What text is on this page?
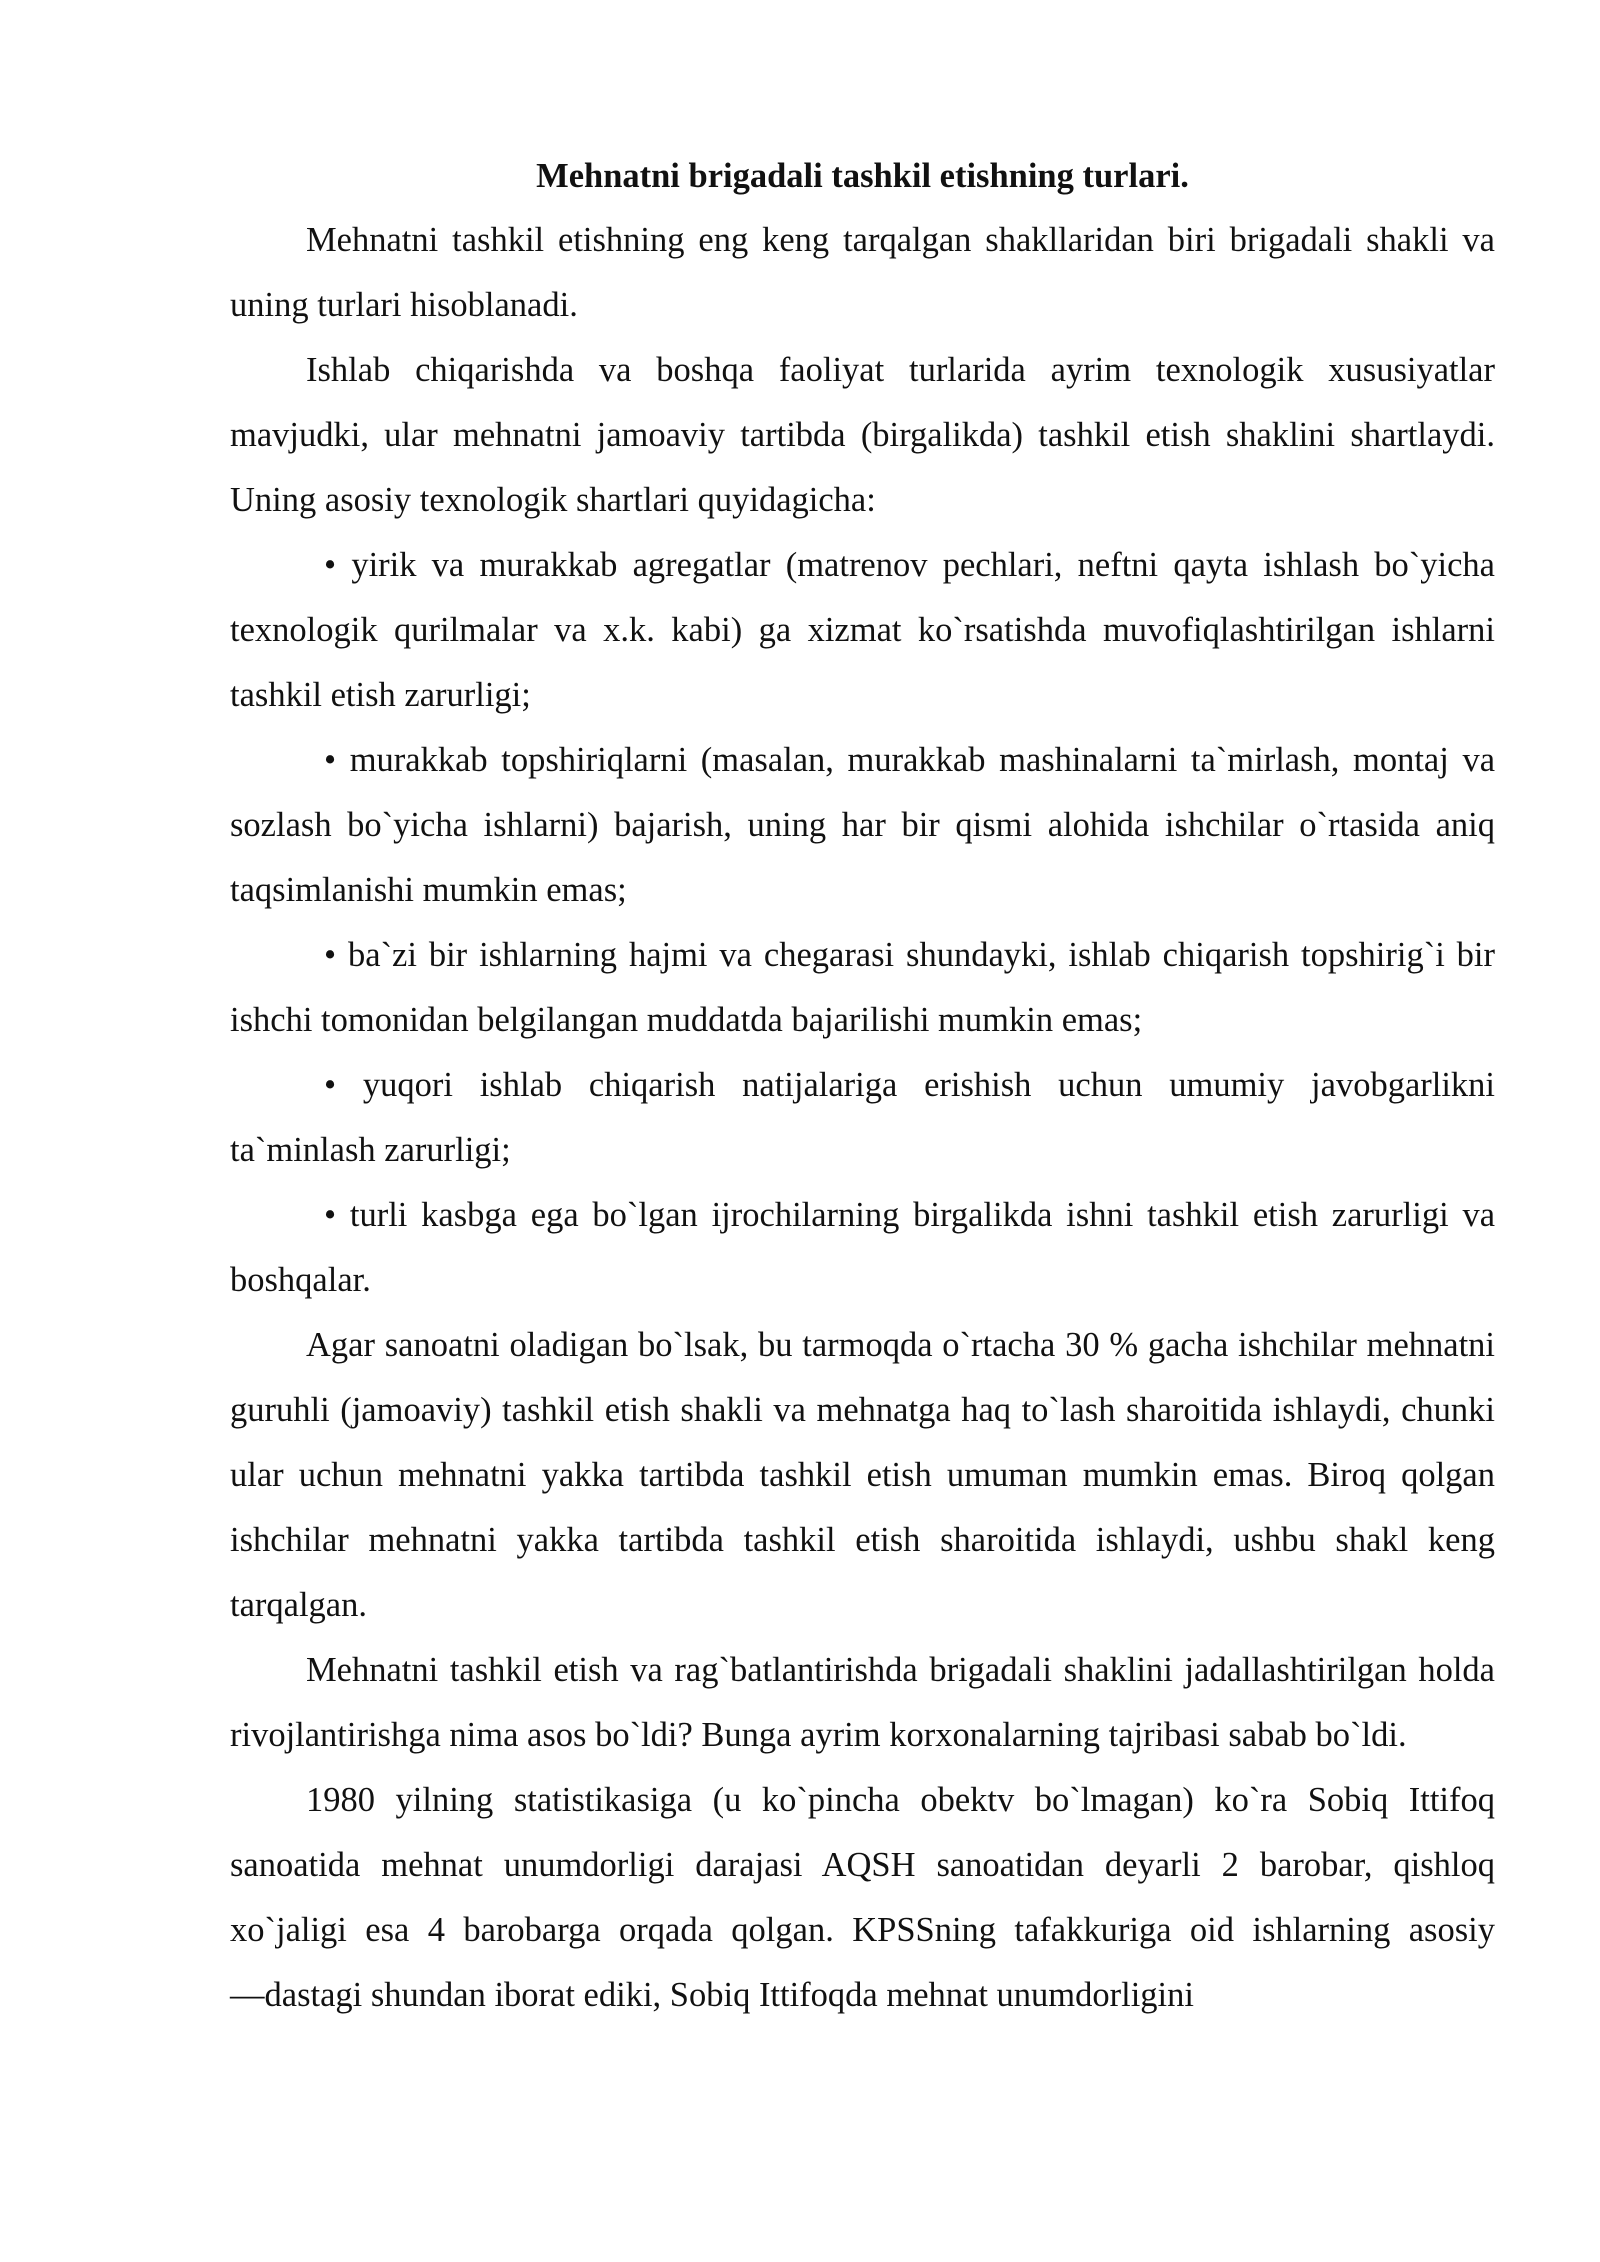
Mehnatni brigadali tashkil etishning turlari.

Mehnatni tashkil etishning eng keng tarqalgan shakllaridan biri brigadali shakli va uning turlari hisoblanadi.

Ishlab chiqarishda va boshqa faoliyat turlarida ayrim texnologik xususiyatlar mavjudki, ular mehnatni jamoaviy tartibda (birgalikda) tashkil etish shaklini shartlaydi. Uning asosiy texnologik shartlari quyidagicha:

• yirik va murakkab agregatlar (matrenov pechlari, neftni qayta ishlash bo`yicha texnologik qurilmalar va x.k. kabi) ga xizmat ko`rsatishda muvofiqlashtirilgan ishlarni tashkil etish zarurligi;

• murakkab topshiriqlarni (masalan, murakkab mashinalarni ta`mirlash, montaj va sozlash bo`yicha ishlarni) bajarish, uning har bir qismi alohida ishchilar o`rtasida aniq taqsimlanishi mumkin emas;

• ba`zi bir ishlarning hajmi va chegarasi shundayki, ishlab chiqarish topshirig`i bir ishchi tomonidan belgilangan muddatda bajarilishi mumkin emas;

• yuqori ishlab chiqarish natijalariga erishish uchun umumiy javobgarlikni ta`minlash zarurligi;

• turli kasbga ega bo`lgan ijrochilarning birgalikda ishni tashkil etish zarurligi va boshqalar.

Agar sanoatni oladigan bo`lsak, bu tarmoqda o`rtacha 30 % gacha ishchilar mehnatni guruhli (jamoaviy) tashkil etish shakli va mehnatga haq to`lash sharoitida ishlaydi, chunki ular uchun mehnatni yakka tartibda tashkil etish umuman mumkin emas. Biroq qolgan ishchilar mehnatni yakka tartibda tashkil etish sharoitida ishlaydi, ushbu shakl keng tarqalgan.

Mehnatni tashkil etish va rag`batlantirishda brigadali shaklini jadallashtirilgan holda rivojlantirishga nima asos bo`ldi? Bunga ayrim korxonalarning tajribasi sabab bo`ldi.

1980 yilning statistikasiga (u ko`pincha obektv bo`lmagan) ko`ra Sobiq Ittifoq sanoatida mehnat unumdorligi darajasi AQSH sanoatidan deyarli 2 barobar, qishloq xo`jaligi esa 4 barobarga orqada qolgan. KPSSning tafakkuriga oid ishlarning asosiy ―dastagi shundan iborat ediki, Sobiq Ittifoqda mehnat unumdorligini
